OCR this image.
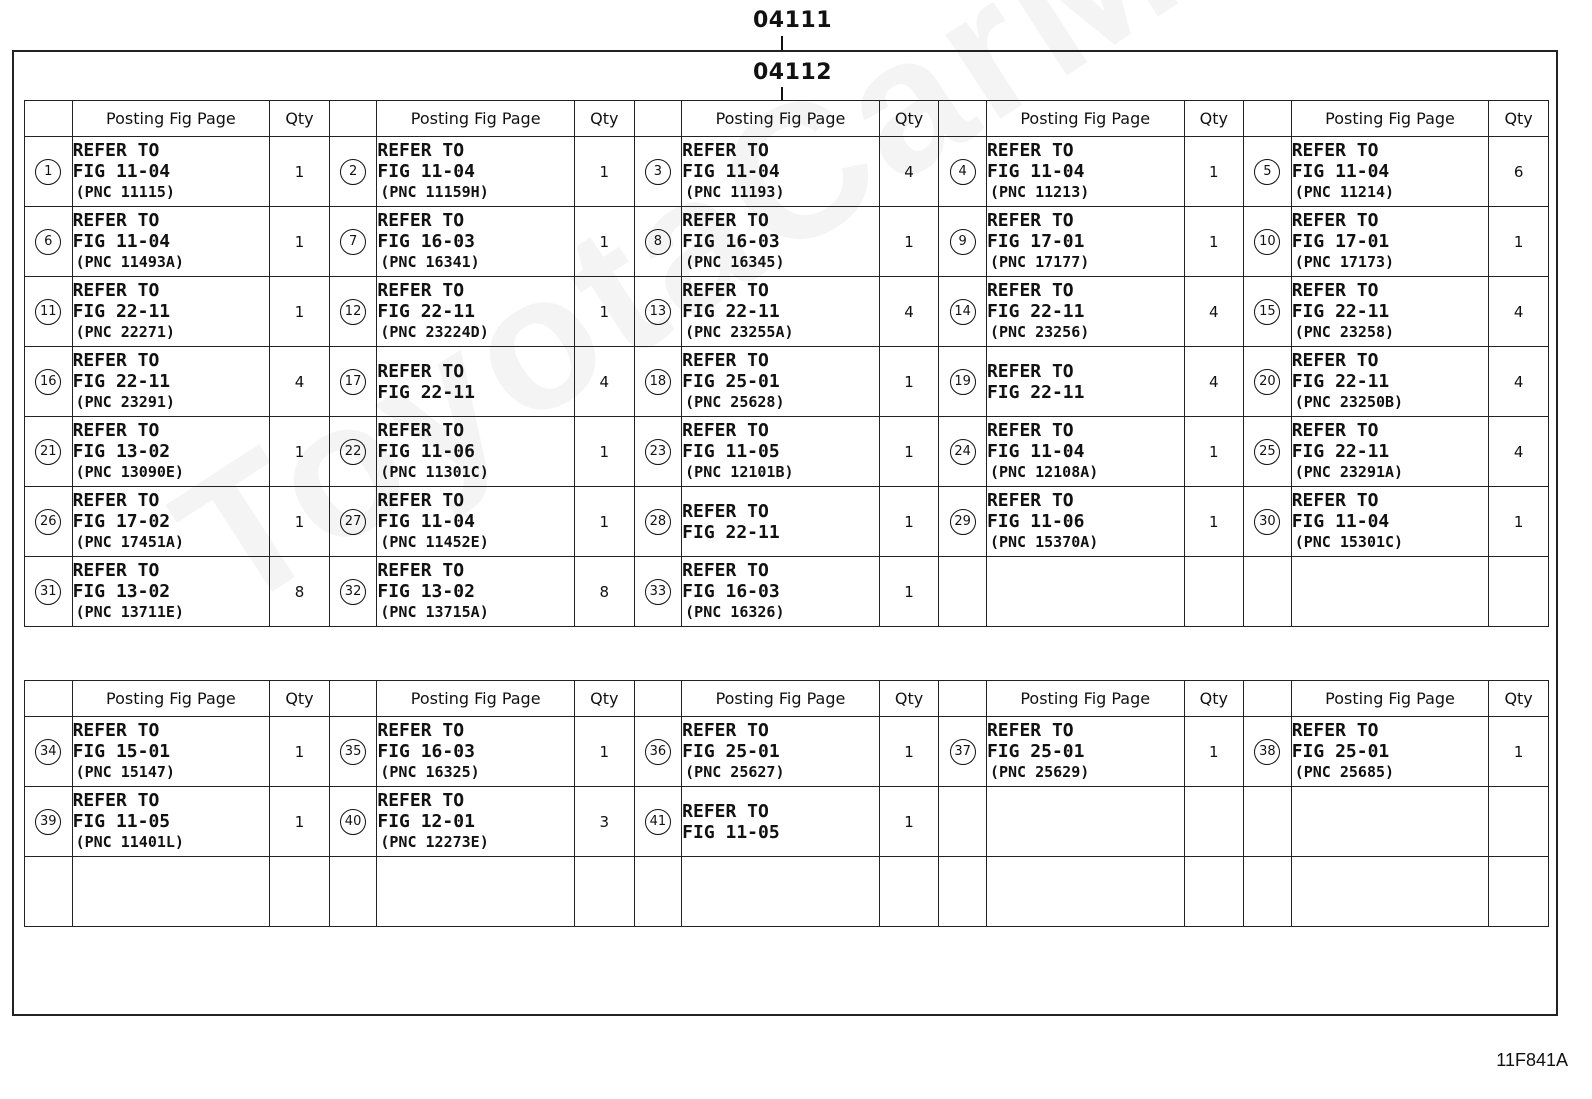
04111
04112
	Posting Fig Page	Qty		Posting Fig Page	Qty		Posting Fig Page	Qty		Posting Fig Page	Qty		Posting Fig Page	Qty
1	REFER TO
FIG 11-04
(PNC 11115)	1	2	REFER TO
FIG 11-04
(PNC 11159H)	1	3	REFER TO
FIG 11-04
(PNC 11193)	4	4	REFER TO
FIG 11-04
(PNC 11213)	1	5	REFER TO
FIG 11-04
(PNC 11214)	6
6	REFER TO
FIG 11-04
(PNC 11493A)	1	7	REFER TO
FIG 16-03
(PNC 16341)	1	8	REFER TO
FIG 16-03
(PNC 16345)	1	9	REFER TO
FIG 17-01
(PNC 17177)	1	10	REFER TO
FIG 17-01
(PNC 17173)	1
11	REFER TO
FIG 22-11
(PNC 22271)	1	12	REFER TO
FIG 22-11
(PNC 23224D)	1	13	REFER TO
FIG 22-11
(PNC 23255A)	4	14	REFER TO
FIG 22-11
(PNC 23256)	4	15	REFER TO
FIG 22-11
(PNC 23258)	4
16	REFER TO
FIG 22-11
(PNC 23291)	4	17	REFER TO
FIG 22-11	4	18	REFER TO
FIG 25-01
(PNC 25628)	1	19	REFER TO
FIG 22-11	4	20	REFER TO
FIG 22-11
(PNC 23250B)	4
21	REFER TO
FIG 13-02
(PNC 13090E)	1	22	REFER TO
FIG 11-06
(PNC 11301C)	1	23	REFER TO
FIG 11-05
(PNC 12101B)	1	24	REFER TO
FIG 11-04
(PNC 12108A)	1	25	REFER TO
FIG 22-11
(PNC 23291A)	4
26	REFER TO
FIG 17-02
(PNC 17451A)	1	27	REFER TO
FIG 11-04
(PNC 11452E)	1	28	REFER TO
FIG 22-11	1	29	REFER TO
FIG 11-06
(PNC 15370A)	1	30	REFER TO
FIG 11-04
(PNC 15301C)	1
31	REFER TO
FIG 13-02
(PNC 13711E)	8	32	REFER TO
FIG 13-02
(PNC 13715A)	8	33	REFER TO
FIG 16-03
(PNC 16326)	1						
	Posting Fig Page	Qty		Posting Fig Page	Qty		Posting Fig Page	Qty		Posting Fig Page	Qty		Posting Fig Page	Qty
34	REFER TO
FIG 15-01
(PNC 15147)	1	35	REFER TO
FIG 16-03
(PNC 16325)	1	36	REFER TO
FIG 25-01
(PNC 25627)	1	37	REFER TO
FIG 25-01
(PNC 25629)	1	38	REFER TO
FIG 25-01
(PNC 25685)	1
39	REFER TO
FIG 11-05
(PNC 11401L)	1	40	REFER TO
FIG 12-01
(PNC 12273E)	3	41	REFER TO
FIG 11-05	1						

11F841A
